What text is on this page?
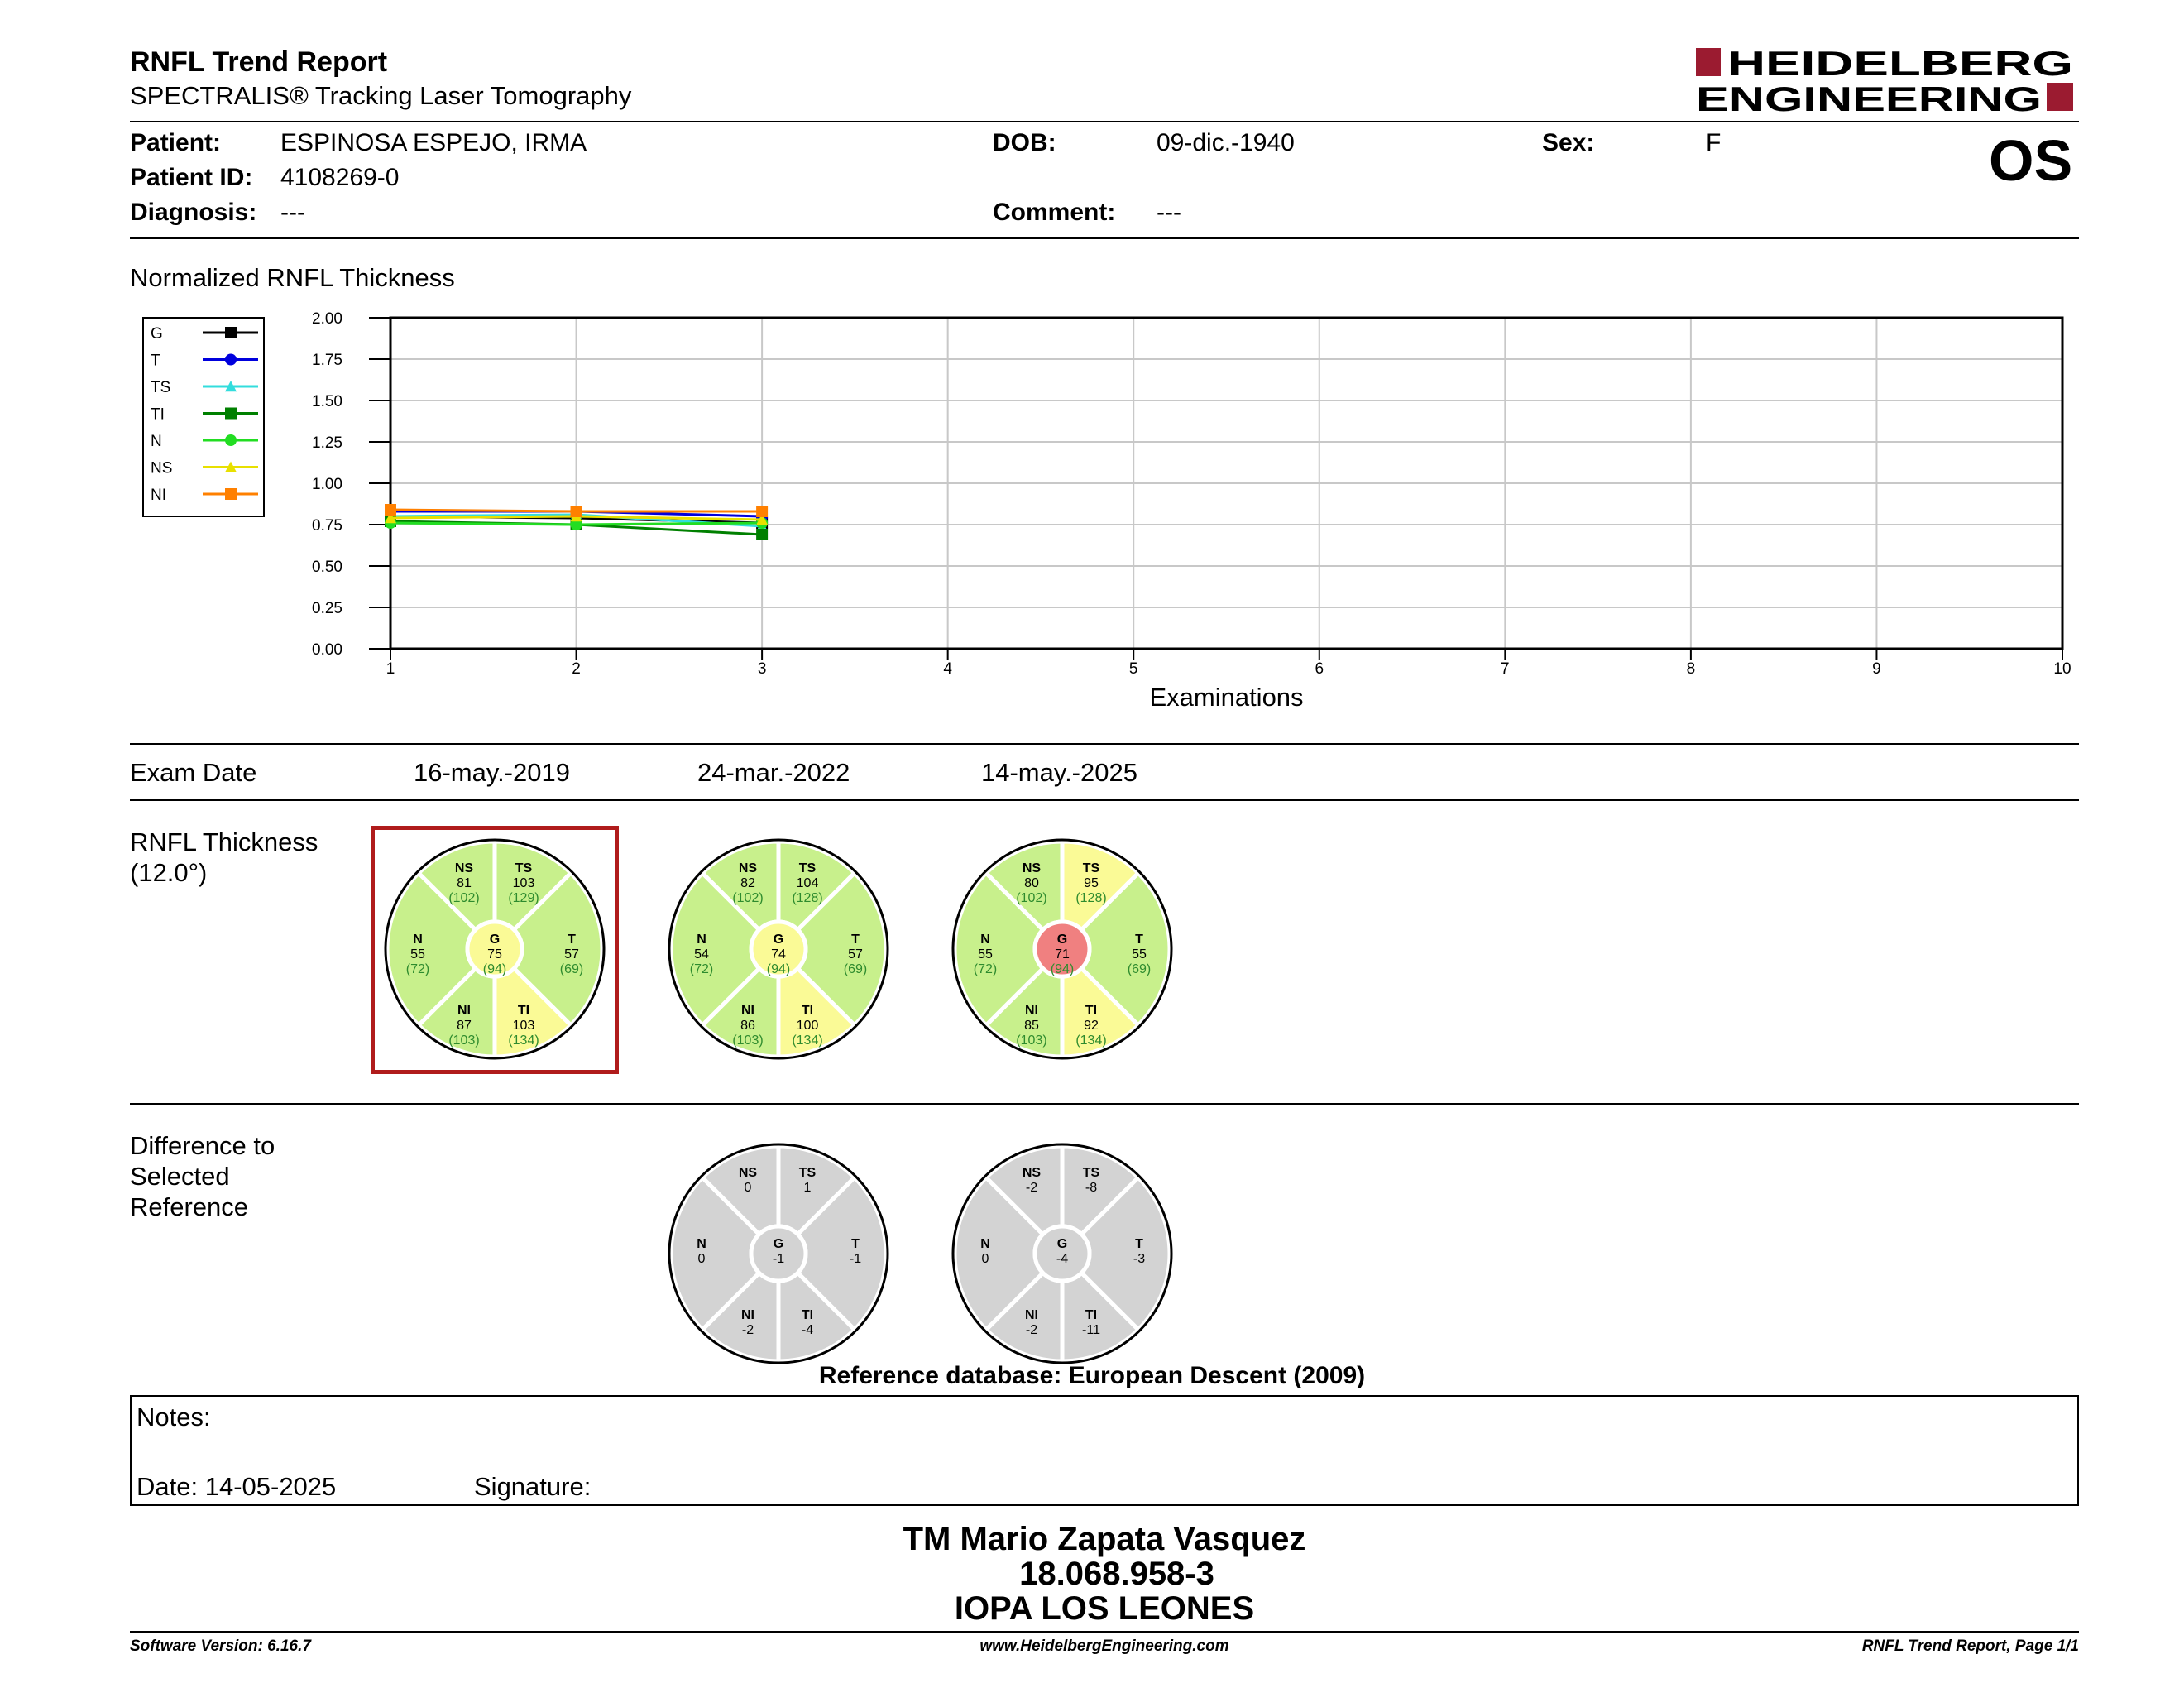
RNFL Trend Report
SPECTRALIS® Tracking Laser Tomography
HEIDELBERG
ENGINEERING
Patient: ESPINOSA ESPEJO, IRMA
Patient ID: 4108269-0
Diagnosis: ---
DOB:	09-dic.-1940
Comment: ---
Sex:	F	OS
Normalized RNFL Thickness
0.00
0.25
0.50
0.75
1.00
1.25
1.50
1.75
2.00
1	2	3	4	5	6	7	8	9	10
Examinations
G
T
TS
TI
N
NS
NI
Exam Date	16-may.-2019	24-mar.-2022	14-may.-2025
RNFL Thickness
(12.0°)	NS
81
(102)
TS
103
(129)
N
55
(72)
T
57
(69)
NI
87
(103)
TI
103
(134)
G
75
(94)
NS
82
(102)
TS
104
(128)
N
54
(72)
T
57
(69)
NI
86
(103)
TI
100
(134)
G
74
(94)
NS
80
(102)
TS
95
(128)
N
55
(72)
T
55
(69)
NI
85
(103)
TI
92
(134)
G
71
(94)
NS
0
TS
1
N
0
T
-1
NI
-2
TI
-4
G
-1
NS
-2
TS
-8
N
0
T
-3
NI
-2
TI
-11
G
-4
Difference to
Selected
Reference
Reference database: European Descent (2009)
Notes:
Date: 14-05-2025	Signature:
TM Mario Zapata Vasquez
18.068.958-3
IOPA LOS LEONES
Software Version: 6.16.7	www.HeidelbergEngineering.com	RNFL Trend Report, Page 1/1
